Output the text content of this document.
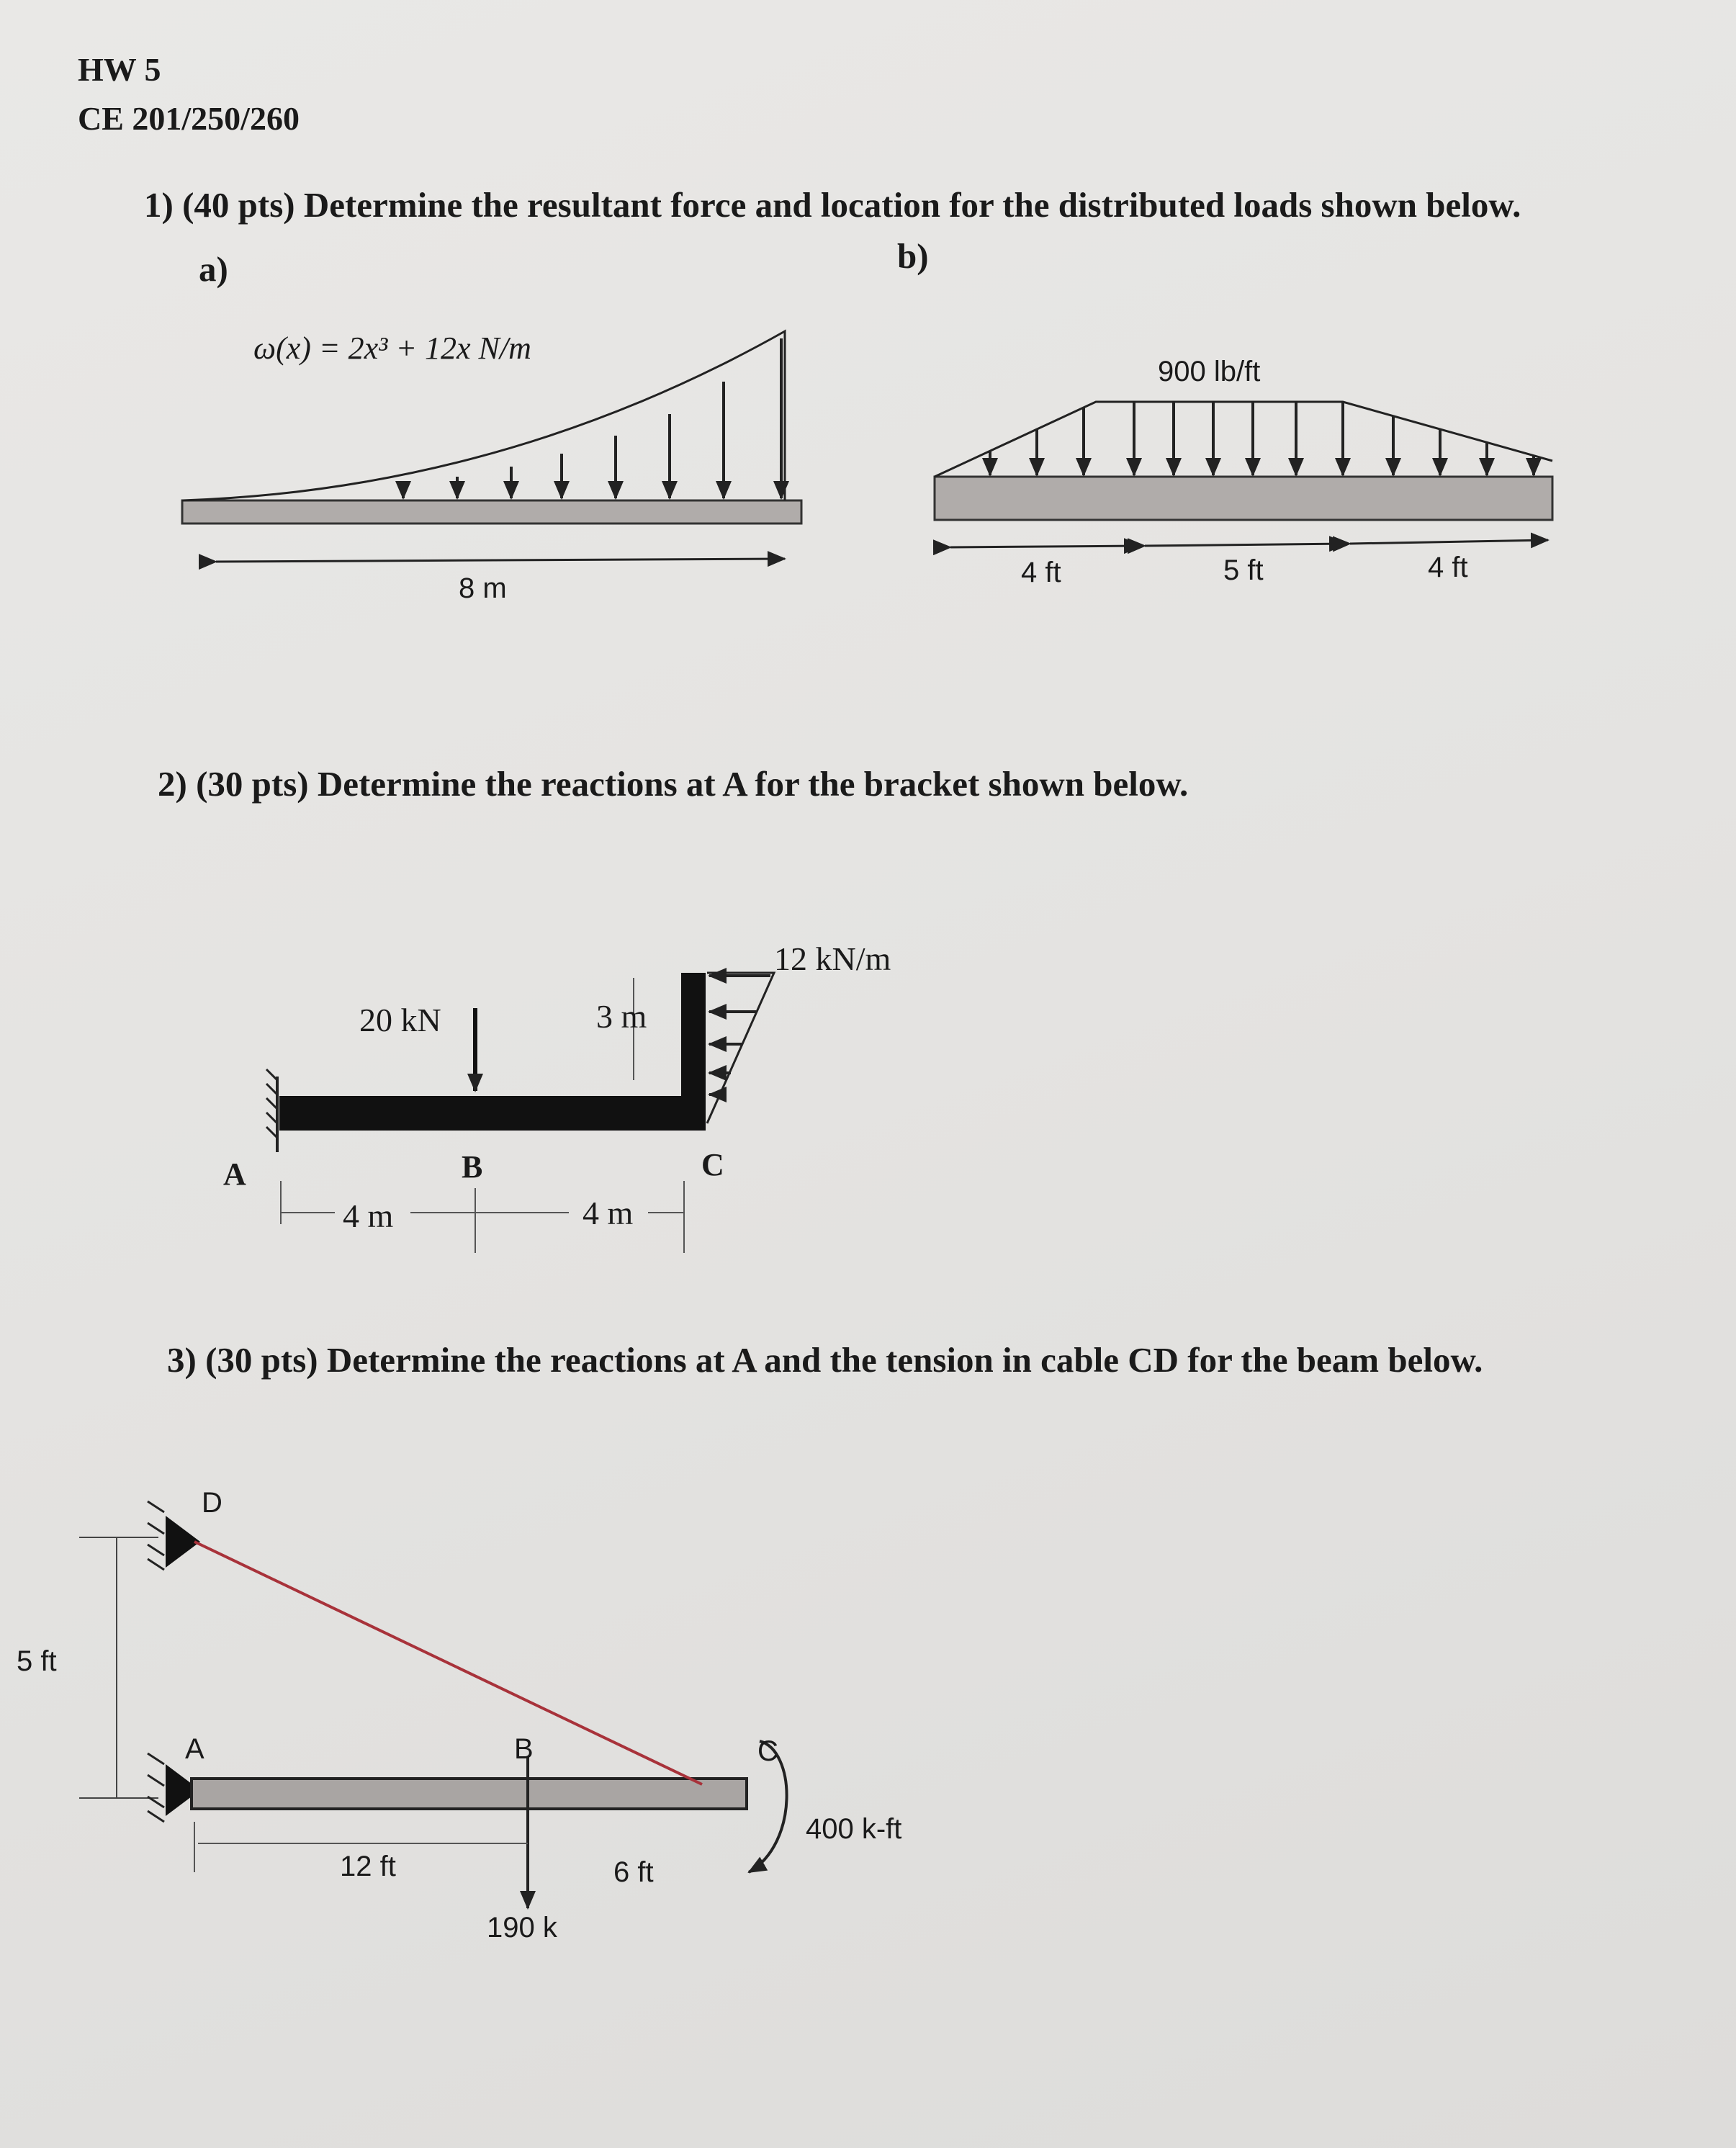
HW 5
CE 201/250/260
1) (40 pts) Determine the resultant force and location for the distributed loads shown below.
a)	b)
ω(x) = 2x³ + 12x N/m
8 m
900 lb/ft
4 ft	5 ft	4 ft
2) (30 pts) Determine the reactions at A for the bracket shown below.
12 kN/m
20 kN	3 m
A	B	C
4 m	4 m
3) (30 pts) Determine the reactions at A and the tension in cable CD for the beam below.
D
A	B	C
5 ft
12 ft	6 ft
190 k
400 k-ft
